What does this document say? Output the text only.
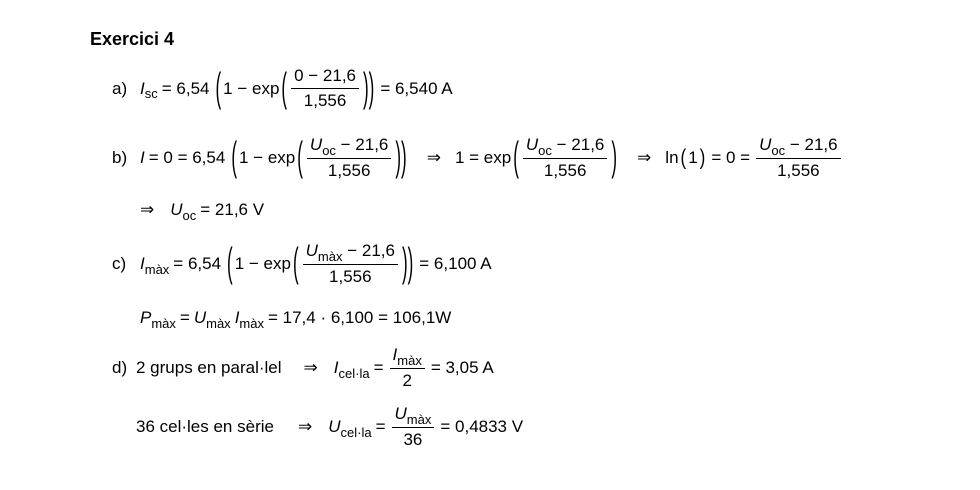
Exercici 4
a) I sc = 6,54 ( 1 − exp ( $\frac{0 - 21,6}{1,556}$ )) = 6,540 A
b) I = 0 = 6,54 ( 1 − exp ( $\frac{U_{oc} - 21,6}{1,556}$ )) ⇒ 1 = exp ( $\frac{U_{oc} - 21,6}{1,556}$ ) ⇒ ln ( 1 ) = $0 = \frac{U_{oc} - 21,6}{1,556}$
⇒ U oc = 21,6 V
c) I màx = 6,54 ( 1 − exp ( $\frac{U_{màx} - 21,6}{1,556}$ )) = 6,100 A
P màx = U màx I màx = 17,4 · 6,100 = 106,1W
d) 2 grups en paral·lel ⇒ I $cel\cdot la = \frac{I_{màx}}{2} = 3,05$ A
36 cel·les en sèrie ⇒ U $cel\cdot la = \frac{U_{màx}}{36} = 0,4833$ V
